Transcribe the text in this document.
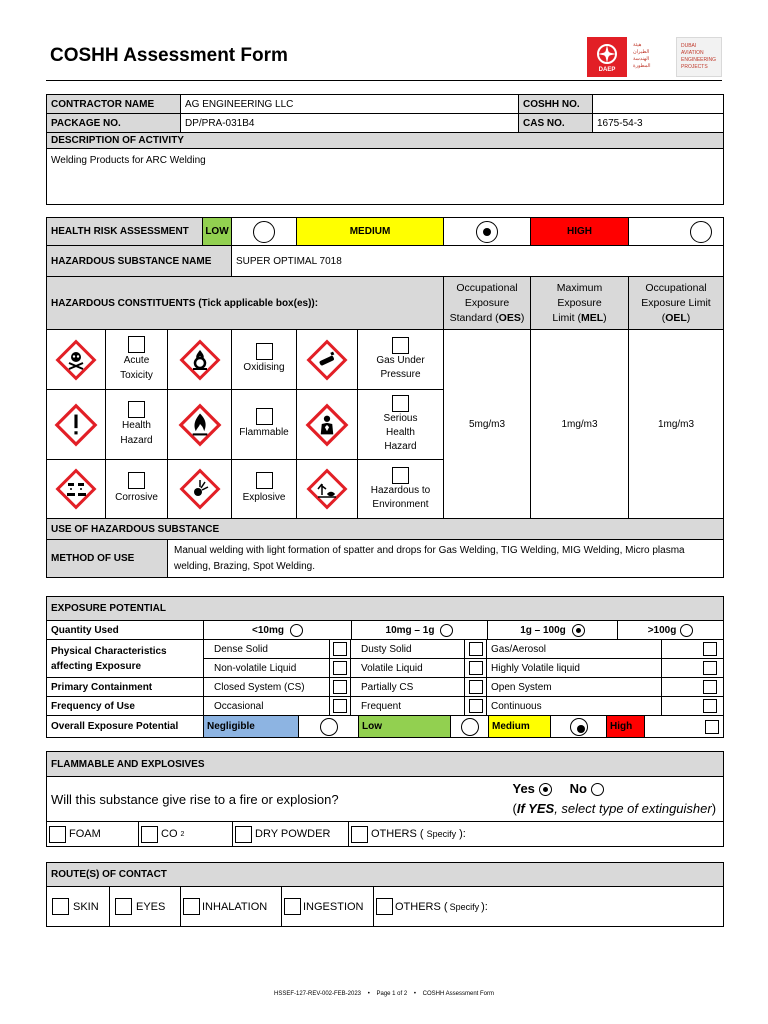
COSHH Assessment Form
DAEP
هيئة
الطيران
الهندسة
المطورة
DUBAI
AVIATION
ENGINEERING
PROJECTS
CONTRACTOR NAME	AG ENGINEERING LLC	COSHH NO.	
PACKAGE NO.	DP/PRA-031B4	CAS NO.	1675-54-3
DESCRIPTION OF ACTIVITY			
Welding Products for ARC Welding			
HEALTH RISK ASSESSMENT LOW				MEDIUM			HIGH	
HAZARDOUS SUBSTANCE NAME			SUPER OPTIMAL 7018					
HAZARDOUS CONSTITUENTS (Tick applicable box(es)):						Occupational
Exposure
Standard (OES)	Maximum
Exposure
Limit (MEL)	Occupational
Exposure Limit
(OEL)

Acute
Toxicity		Oxidising		Gas Under
Pressure	5mg/m3	1mg/m3	1mg/m3

Health
Hazard		Flammable		Serious
Health
Hazard			

Corrosive		Explosive		Hazardous to
Environment			
USE OF HAZARDOUS SUBSTANCE								
METHOD OF USE		Manual welding with light formation of spatter and drops for Gas Welding, TIG Welding, MIG Welding, Micro plasma welding, Brazing, Spot Welding.						
EXPOSURE POTENTIAL						
Quantity Used	<10mg 10mg – 1g 1g – 100g >100g					

Physical Characteristics
affecting Exposure	Dense Solid		Dusty Solid		Gas/Aerosol	
	Non-volatile Liquid		Volatile Liquid		Highly Volatile liquid	
Primary Containment	Closed System (CS)		Partially CS		Open System	
Frequency of Use	Occasional		Frequent		Continuous	
Overall Exposure Potential	Negligible Low Medium High					
FLAMMABLE AND EXPLOSIVES
Will this substance give rise to a fire or explosion?	
Yes	No
(If YES, select type of extinguisher)

FOAM	CO 2	DRY POWDER	OTHERS ( Specify ):
ROUTE(S) OF CONTACT

SKIN	EYES	INHALATION	INGESTION	OTHERS ( Specify ):
HSSEF-127-REV-002-FEB-2023 • Page 1 of 2 • COSHH Assessment Form
